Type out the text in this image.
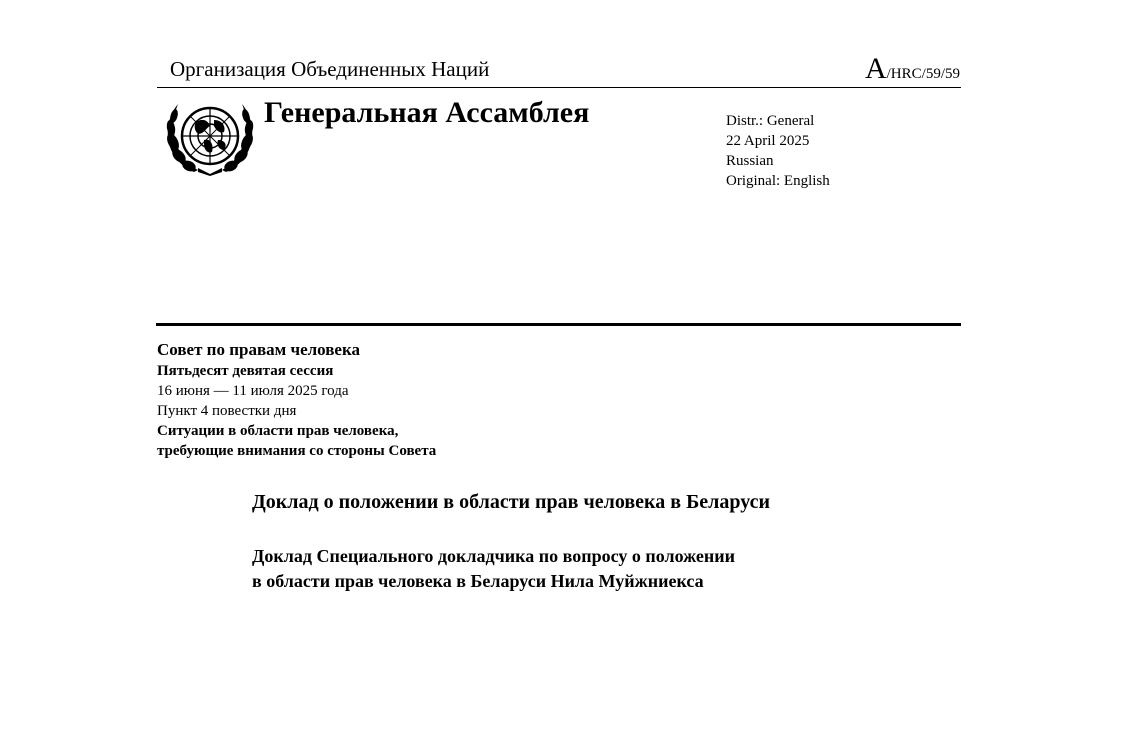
Организация Объединенных Наций	A/HRC/59/59
Генеральная Ассамблея	Distr.: General
22 April 2025
Russian
Original: English
Совет по правам человека
Пятьдесят девятая сессия
16 июня — 11 июля 2025 года
Пункт 4 повестки дня
Ситуации в области прав человека,
требующие внимания со стороны Совета
Доклад о положении в области прав человека в Беларуси
Доклад Специального докладчика по вопросу о положении
в области прав человека в Беларуси Нила Муйжниекса
